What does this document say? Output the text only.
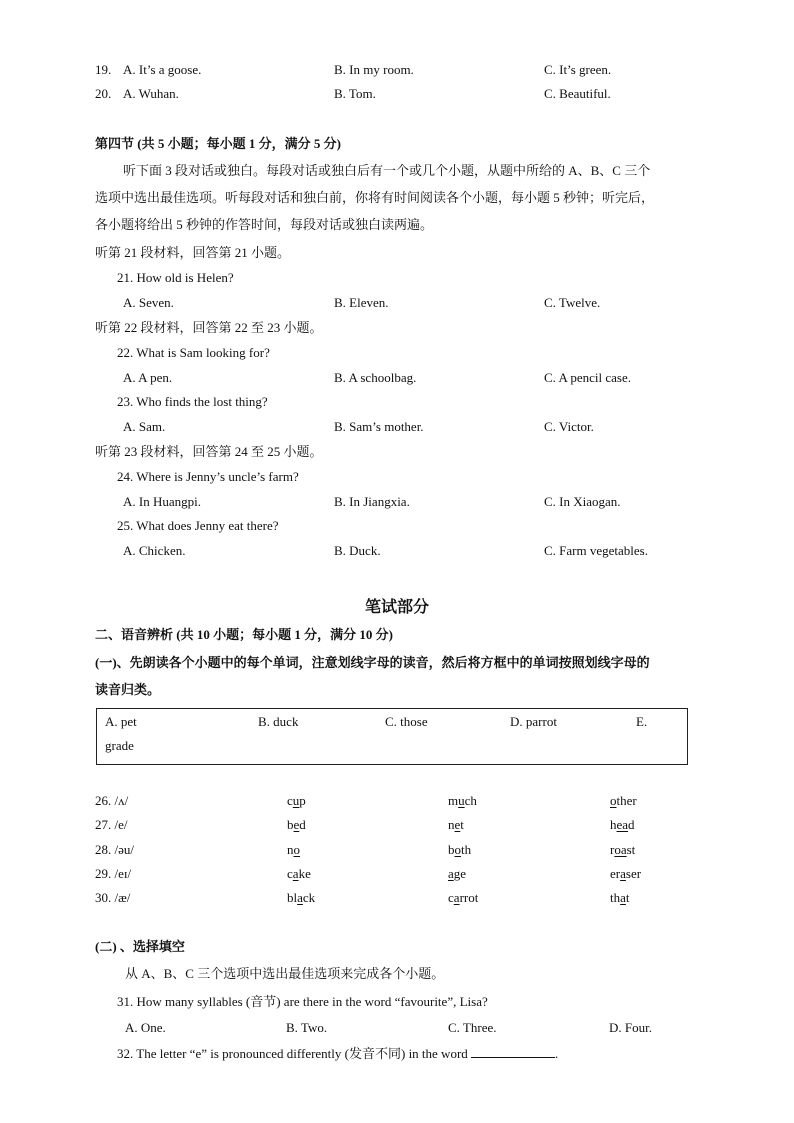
19. A. It’s a goose.	B. In my room.	C. It’s green.
20. A. Wuhan.	B. Tom.	C. Beautiful.
第四节 (共 5 小题；每小题 1 分，满分 5 分)
听下面 3 段对话或独白。每段对话或独白后有一个或几个小题，从题中所给的 A、B、C 三个
选项中选出最佳选项。听每段对话和独白前，你将有时间阅读各个小题，每小题 5 秒钟；听完后，
各小题将给出 5 秒钟的作答时间，每段对话或独白读两遍。
听第 21 段材料，回答第 21 小题。
21. How old is Helen?
A. Seven.	B. Eleven.	C. Twelve.
听第 22 段材料，回答第 22 至 23 小题。
22. What is Sam looking for?
A. A pen.	B. A schoolbag.	C. A pencil case.
23. Who finds the lost thing?
A. Sam.	B. Sam’s mother.	C. Victor.
听第 23 段材料，回答第 24 至 25 小题。
24. Where is Jenny’s uncle’s farm?
A. In Huangpi.	B. In Jiangxia.	C. In Xiaogan.
25. What does Jenny eat there?
A. Chicken.	B. Duck.	C. Farm vegetables.
笔试部分
二、语音辨析 (共 10 小题；每小题 1 分，满分 10 分)
(一)、先朗读各个小题中的每个单词，注意划线字母的读音，然后将方框中的单词按照划线字母的
读音归类。
A. pet	B. duck	C. those	D. parrot	E.
grade
26. /ʌ/	cup	much	other
27. /e/	bed	net	head
28. /əu/	no	both	roast
29. /eɪ/	cake	age	eraser
30. /æ/	black	carrot	that
(二) 、选择填空
从 A、B、C 三个选项中选出最佳选项来完成各个小题。
31. How many syllables (音节) are there in the word “favourite”, Lisa?
A. One.	B. Two.	C. Three.	D. Four.
32. The letter “e” is pronounced differently (发音不同) in the word	.
